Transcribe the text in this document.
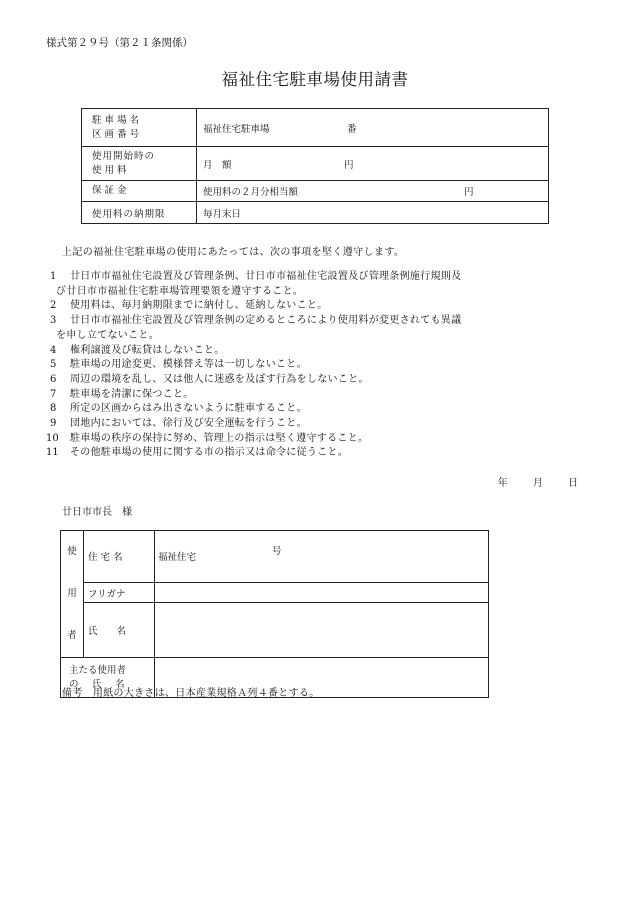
様式第２９号（第２１条関係）
福祉住宅駐車場使用請書
駐 車 場 名
区 画 番 号	福祉住宅駐車場 番

使用開始時の
使 用 料	月　額 円

保 証 金	使用料の２月分相当額 円

使用料の納期限	毎月末日
上記の福祉住宅駐車場の使用にあたっては、次の事項を堅く遵守します。
1	廿日市市福祉住宅設置及び管理条例、廿日市市福祉住宅設置及び管理条例施行規則及
び廿日市市福祉住宅駐車場管理要領を遵守すること。
2	使用料は、毎月納期限までに納付し、延納しないこと。
3	廿日市市福祉住宅設置及び管理条例の定めるところにより使用料が変更されても異議
を申し立てないこと。
4	権利譲渡及び転貸はしないこと。
5	駐車場の用途変更、模様替え等は一切しないこと。
6	周辺の環境を乱し、又は他人に迷惑を及ぼす行為をしないこと。
7	駐車場を清潔に保つこと。
8	所定の区画からはみ出さないように駐車すること。
9	団地内においては、徐行及び安全運転を行うこと。
10	駐車場の秩序の保持に努め、管理上の指示は堅く遵守すること。
11	その他駐車場の使用に関する市の指示又は命令に従うこと。
年	月	日
廿日市市長　様
使
用
者	住 宅 名	福祉住宅
号

	フリガナ	
	氏　　名	

主たる使用者
の　氏　名		

備考　用紙の大きさは、日本産業規格Ａ列４番とする。
